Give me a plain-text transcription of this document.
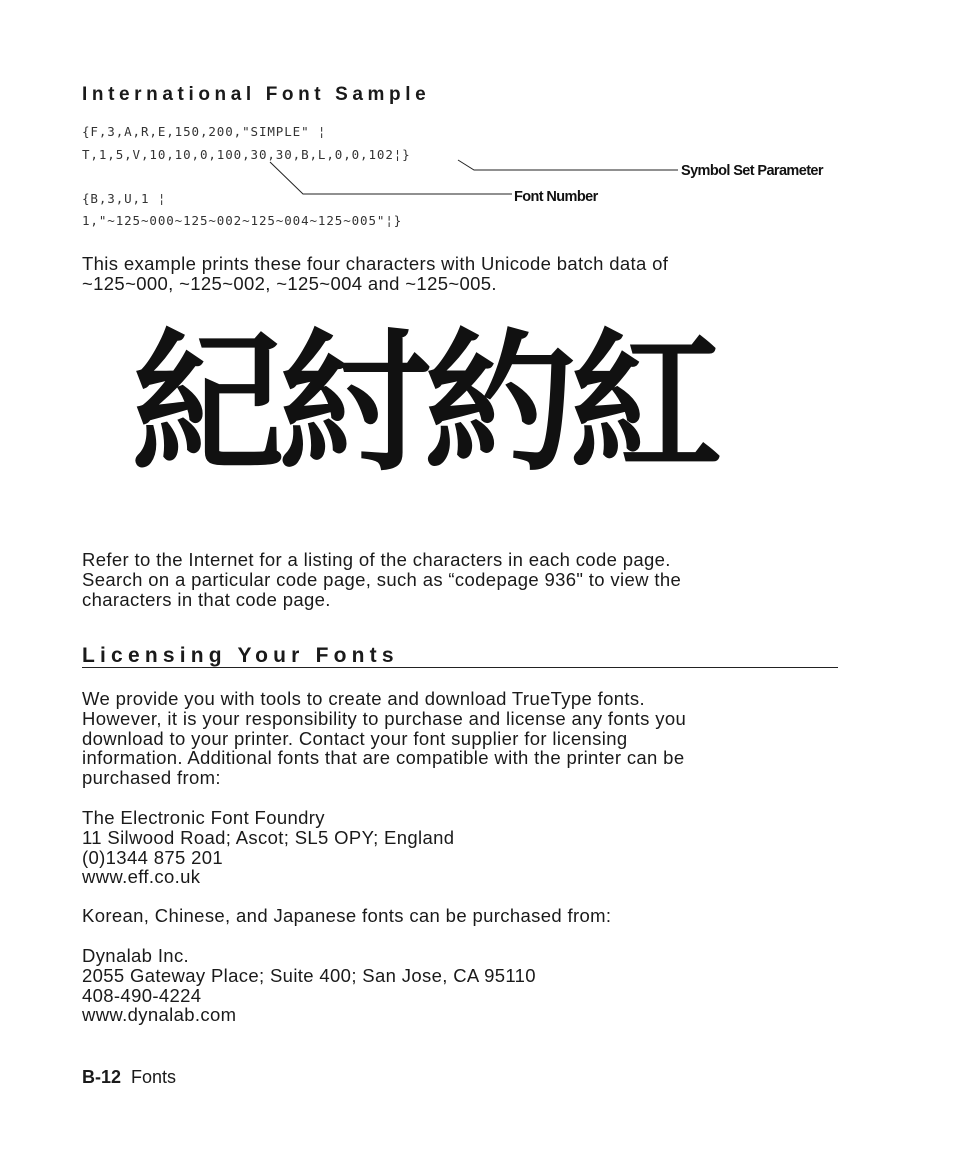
International Font Sample
{F,3,A,R,E,150,200,"SIMPLE" ¦
T,1,5,V,10,10,0,100,30,30,B,L,0,0,102¦}
{B,3,U,1 ¦
1,"~125~000~125~002~125~004~125~005"¦}
Symbol Set Parameter
Font Number

This example prints these four characters with Unicode batch data of

~125~000, ~125~002, ~125~004 and ~125~005.

紀紂約紅

Refer to the Internet for a listing of the characters in each code page.

Search on a particular code page, such as “codepage 936" to view the

characters in that code page.

Licensing Your Fonts

We provide you with tools to create and download TrueType fonts.

However, it is your responsibility to purchase and license any fonts you

download to your printer. Contact your font supplier for licensing

information. Additional fonts that are compatible with the printer can be

purchased from:

The Electronic Font Foundry

11 Silwood Road; Ascot; SL5 OPY; England

(0)1344 875 201

www.eff.co.uk

Korean, Chinese, and Japanese fonts can be purchased from:

Dynalab Inc.

2055 Gateway Place; Suite 400; San Jose, CA 95110

408-490-4224

www.dynalab.com

B-12 Fonts
